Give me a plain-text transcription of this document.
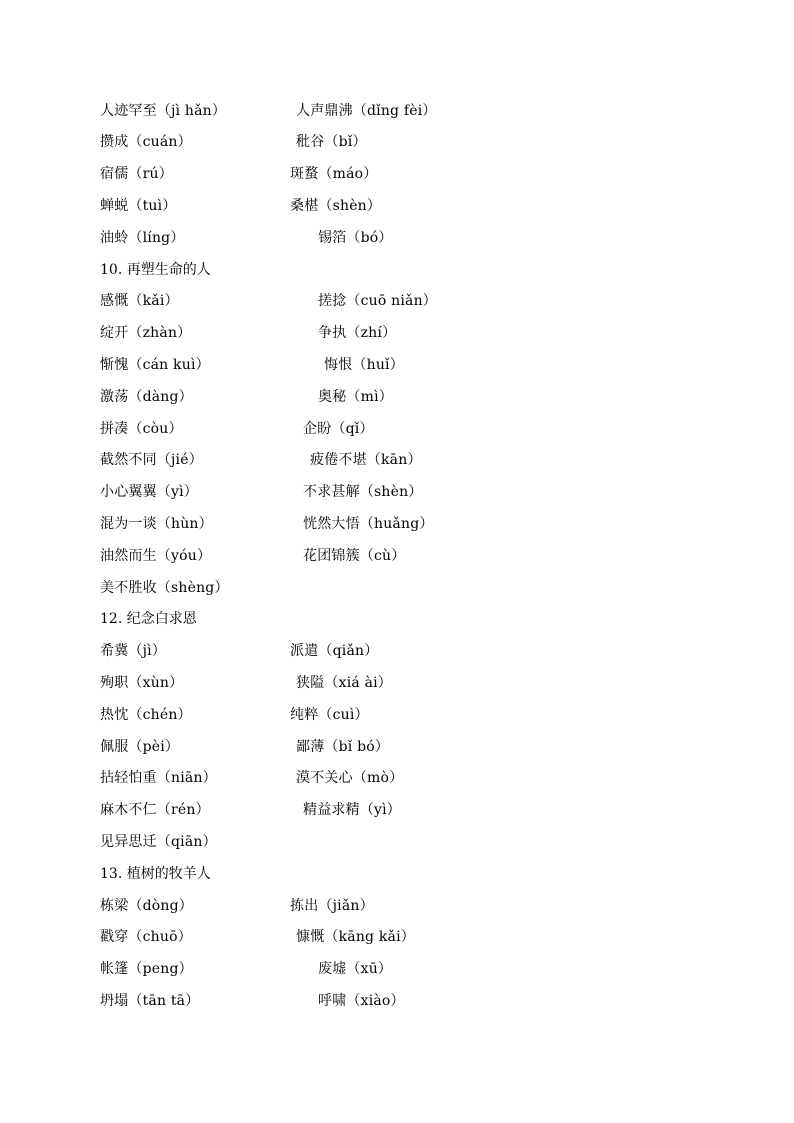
人迹罕至（jì hǎn）	人声鼎沸（dǐng fèi）
攒成（cuán）	秕谷（bǐ）
宿儒（rú）	斑蝥（máo）
蝉蜕（tuì）	桑椹（shèn）
油蛉（líng）	锡箔（bó）
10. 再塑生命的人
感慨（kǎi）	搓捻（cuō niǎn）
绽开（zhàn）	争执（zhí）
惭愧（cán kuì）	悔恨（huǐ）
激荡（dàng）	奥秘（mì）
拼凑（còu）	企盼（qǐ）
截然不同（jié）	疲倦不堪（kān）
小心翼翼（yì）	不求甚解（shèn）
混为一谈（hùn）	恍然大悟（huǎng）
油然而生（yóu）	花团锦簇（cù）
美不胜收（shèng）
12. 纪念白求恩
希冀（jì）	派遣（qiǎn）
殉职（xùn）	狭隘（xiá ài）
热忱（chén）	纯粹（cuì）
佩服（pèi）	鄙薄（bǐ bó）
拈轻怕重（niān）	漠不关心（mò）
麻木不仁（rén）	精益求精（yì）
见异思迁（qiān）
13. 植树的牧羊人
栋梁（dòng）	拣出（jiǎn）
戳穿（chuō）	慷慨（kāng kǎi）
帐篷（peng）	废墟（xū）
坍塌（tān tā）	呼啸（xiào）
